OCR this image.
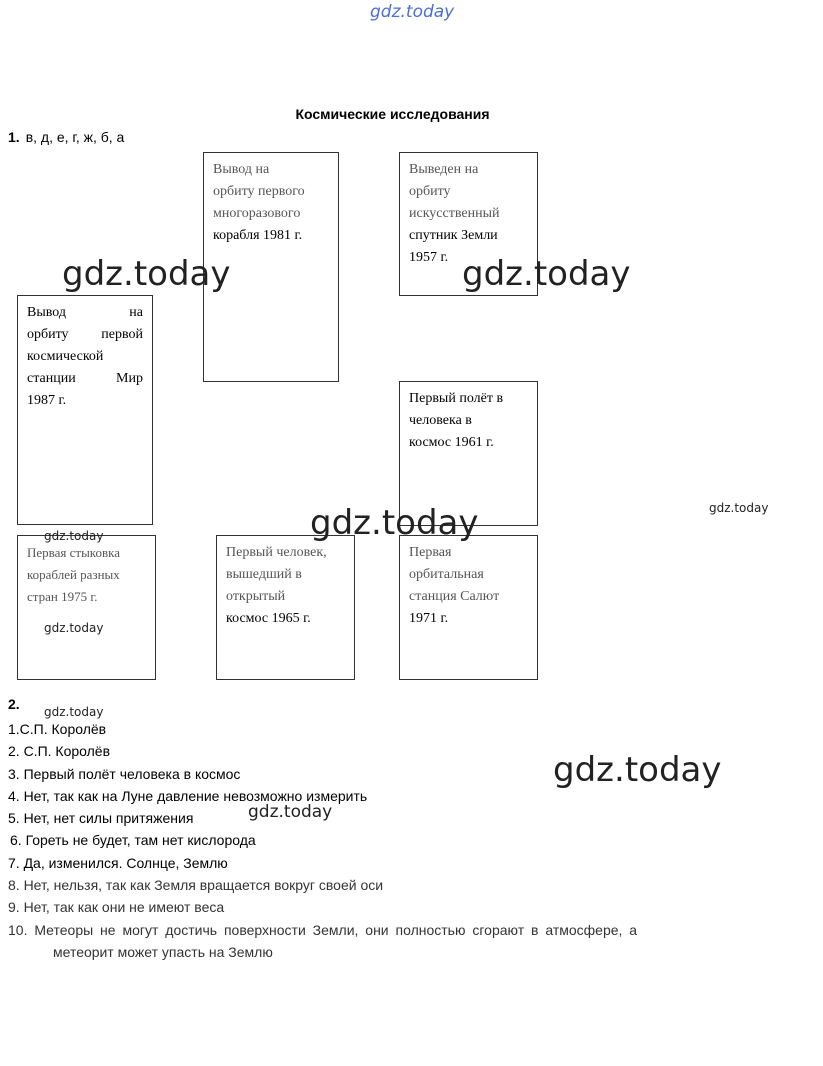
gdz.today
Космические исследования
1. в, д, е, г, ж, б, а
Вывод на
орбиту первого
многоразового
корабля 1981 г.
Выведен на
орбиту
искусственный
спутник Земли
1957 г.
Вывод на
орбиту первой
космической
станции Мир
1987 г.	Первый полёт в
человека в
космос 1961 г.
Первая стыковка
кораблей разных
стран 1975 г.
Первый человек,
вышедший в
открытый
космос 1965 г.
Первая
орбитальная
станция Салют
1971 г.
gdz.today	gdz.today
gdz.today	gdz.today
gdz.today
gdz.today
2. gdz.today
1.С.П. Королёв
2. С.П. Королёв
3. Первый полёт человека в космос
4. Нет, так как на Луне давление невозможно измерить
5. Нет, нет силы притяжения
6. Гореть не будет, там нет кислорода
7. Да, изменился. Солнце, Землю
8. Нет, нельзя, так как Земля вращается вокруг своей оси
9. Нет, так как они не имеют веса
10. Метеоры не могут достичь поверхности Земли, они полностью сгорают в атмосфере, а
метеорит может упасть на Землю
gdz.today
gdz.today
